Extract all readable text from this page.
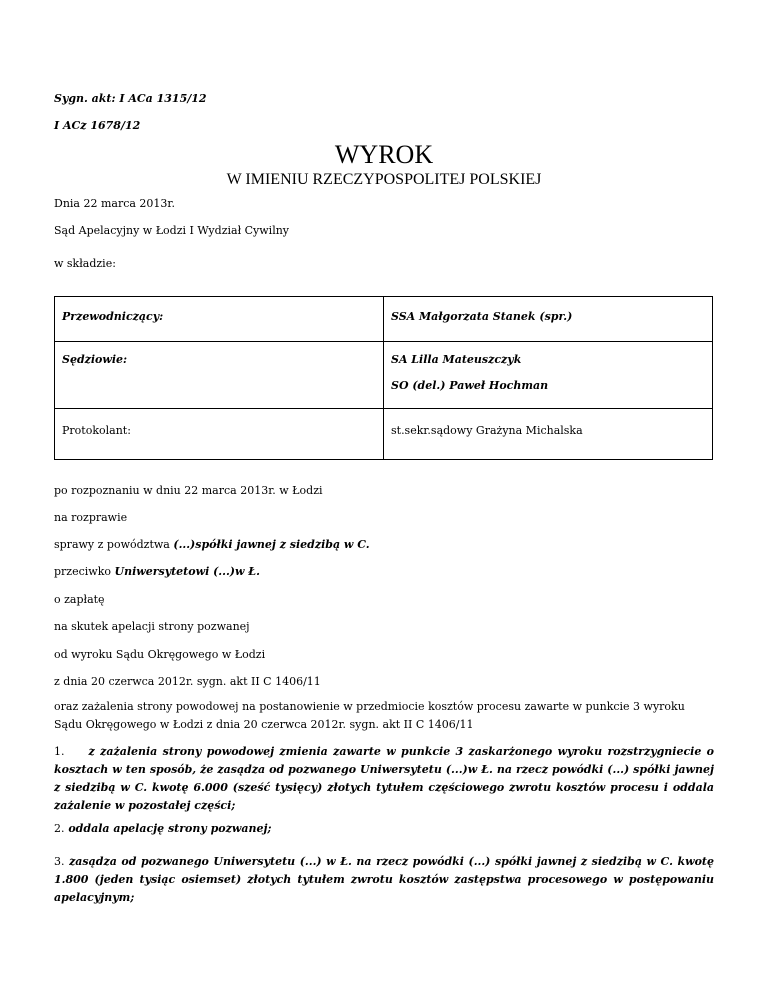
Sygn. akt: I ACa 1315/12
I ACz 1678/12
WYROK
W IMIENIU RZECZYPOSPOLITEJ POLSKIEJ
Dnia 22 marca 2013r.
Sąd Apelacyjny w Łodzi I Wydział Cywilny
w składzie:
Przewodniczący:	SSA Małgorzata Stanek (spr.)

Sędziowie:	SA Lilla Mateuszczyk
SO (del.) Paweł Hochman

Protokolant:	st.sekr.sądowy Grażyna Michalska
po rozpoznaniu w dniu 22 marca 2013r. w Łodzi
na rozprawie
sprawy z powództwa (...)spółki jawnej z siedzibą w C.
przeciwko Uniwersytetowi (...)w Ł.
o zapłatę
na skutek apelacji strony pozwanej
od wyroku Sądu Okręgowego w Łodzi
z dnia 20 czerwca 2012r. sygn. akt II C 1406/11
oraz zażalenia strony powodowej na postanowienie w przedmiocie kosztów procesu zawarte w punkcie 3 wyroku Sądu Okręgowego w Łodzi z dnia 20 czerwca 2012r. sygn. akt II C 1406/11
1. z zażalenia strony powodowej zmienia zawarte w punkcie 3 zaskarżonego wyroku rozstrzygniecie o kosztach w ten sposób, że zasądza od pozwanego Uniwersytetu (...)w Ł. na rzecz powódki (...) spółki jawnej z siedzibą w C. kwotę 6.000 (sześć tysięcy) złotych tytułem częściowego zwrotu kosztów procesu i oddala zażalenie w pozostałej części;
2. oddala apelację strony pozwanej;
3. zasądza od pozwanego Uniwersytetu (...) w Ł. na rzecz powódki (...) spółki jawnej z siedzibą w C. kwotę 1.800 (jeden tysiąc osiemset) złotych tytułem zwrotu kosztów zastępstwa procesowego w postępowaniu apelacyjnym;
